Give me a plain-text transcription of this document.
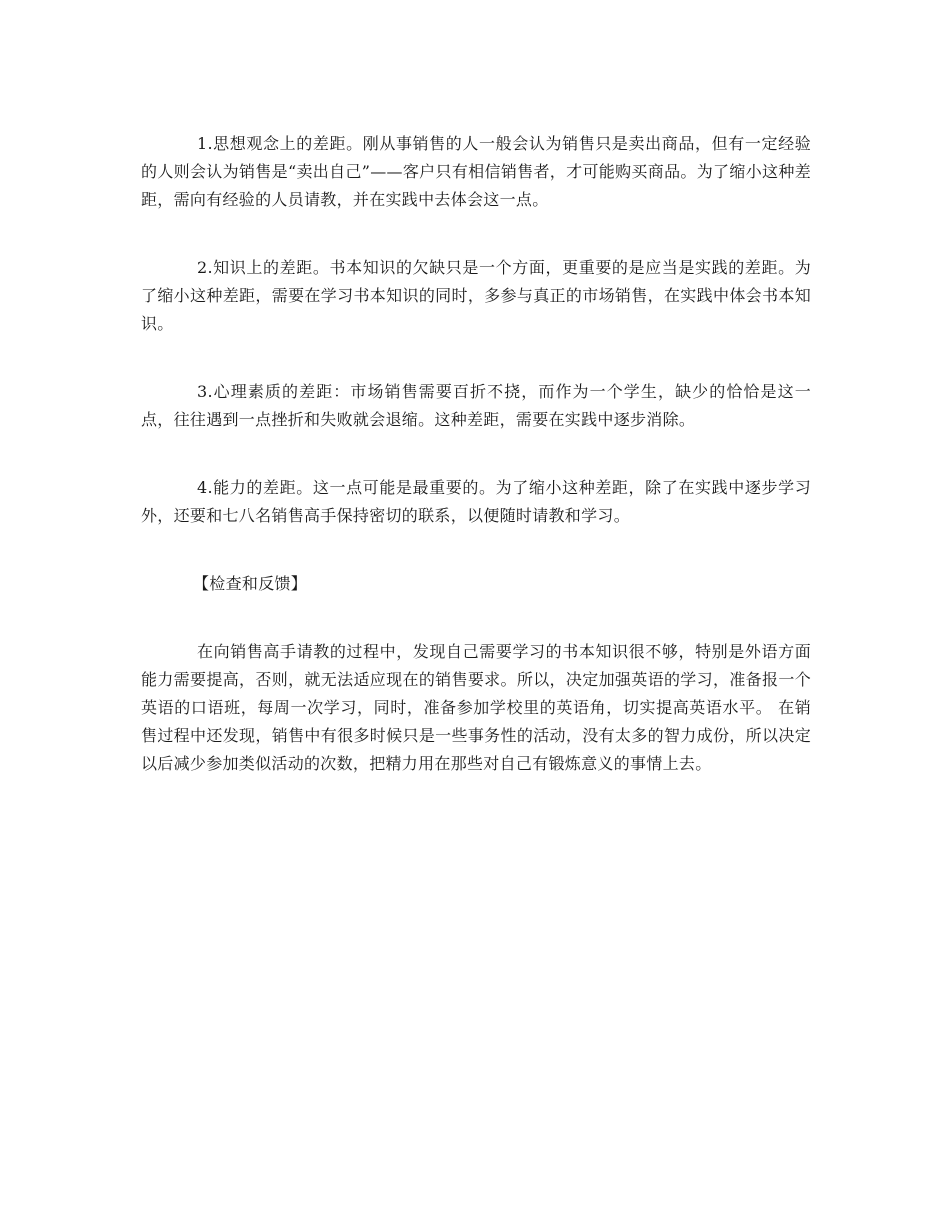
1.思想观念上的差距。刚从事销售的人一般会认为销售只是卖出商品，但有一定经验的人则会认为销售是“卖出自己”——客户只有相信销售者，才可能购买商品。为了缩小这种差距，需向有经验的人员请教，并在实践中去体会这一点。

2.知识上的差距。书本知识的欠缺只是一个方面，更重要的是应当是实践的差距。为了缩小这种差距，需要在学习书本知识的同时，多参与真正的市场销售，在实践中体会书本知识。

3.心理素质的差距：市场销售需要百折不挠，而作为一个学生，缺少的恰恰是这一点，往往遇到一点挫折和失败就会退缩。这种差距，需要在实践中逐步消除。

4.能力的差距。这一点可能是最重要的。为了缩小这种差距，除了在实践中逐步学习外，还要和七八名销售高手保持密切的联系，以便随时请教和学习。

【检查和反馈】

在向销售高手请教的过程中，发现自己需要学习的书本知识很不够，特别是外语方面能力需要提高，否则，就无法适应现在的销售要求。所以，决定加强英语的学习，准备报一个英语的口语班，每周一次学习，同时，准备参加学校里的英语角，切实提高英语水平。 在销售过程中还发现，销售中有很多时候只是一些事务性的活动，没有太多的智力成份，所以决定以后减少参加类似活动的次数，把精力用在那些对自己有锻炼意义的事情上去。
